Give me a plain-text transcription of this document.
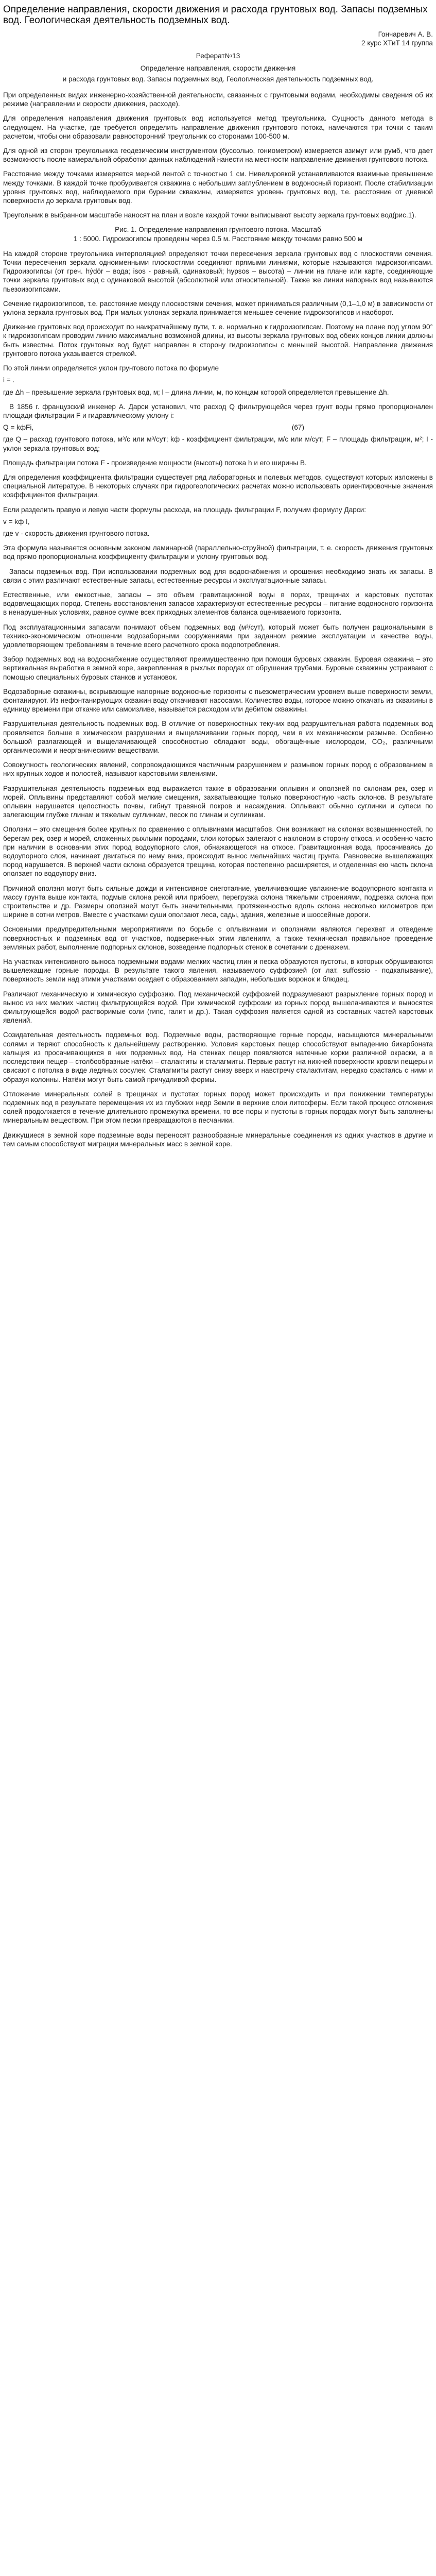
Определение направления, скорости движения и расхода грунтовых вод. Запасы подземных вод. Геологическая деятельность подземных вод.

Гончаревич А. В.

2 курс ХТиТ 14 группа

Реферат№13

Определение направления, скорости движения

и расхода грунтовых вод. Запасы подземных вод. Геологическая деятельность подземных вод.

При определенных видах инженерно-хозяйственной деятельности, связанных с грунтовыми водами, необходимы сведения об их режиме (направлении и скорости движения, расходе).

Для определения направления движения грунтовых вод используется метод треугольника. Сущность данного метода в следующем. На участке, где требуется определить направление движения грунтового потока, намечаются три точки с таким расчетом, чтобы они образовали равносторонний треугольник со сторонами 100-500 м.

Для одной из сторон треугольника геодезическим инструментом (буссолью, гониометром) измеряется азимут или румб, что дает возможность после камеральной обработки данных наблюдений нанести на местности направление движения грунтового потока.

Расстояние между точками измеряется мерной лентой с точностью 1 см. Нивелировкой устанавливаются взаимные превышение между точками. В каждой точке пробуривается скважина с небольшим заглублением в водоносный горизонт. После стабилизации уровня грунтовых вод, наблюдаемого при бурении скважины, измеряется уровень грунтовых вод, т.е. расстояние от дневной поверхности до зеркала грунтовых вод.

Треугольник в выбранном масштабе наносят на план и возле каждой точки выписывают высоту зеркала грунтовых вод(рис.1).

Рис. 1. Определение направления грунтового потока. Масштаб
1 : 5000. Гидроизогипсы проведены через 0.5 м. Расстояние между точками равно 500 м

На каждой стороне треугольника интерполяцией определяют точки пересечения зеркала грунтовых вод с плоскостями сечения. Точки пересечения зеркала одноименными плоскостями соединяют прямыми линиями, которые называются гидроизогипсами. Гидроизогипсы (от греч. hýdōr – вода; isos - равный, одинаковый; hypsos – высота) – линии на плане или карте, соединяющие точки зеркала грунтовых вод с одинаковой высотой (абсолютной или относительной). Также же линии напорных вод называются пьезоизогипсами.

Сечение гидроизогипсов, т.е. расстояние между плоскостями сечения, может приниматься различным (0,1–1,0 м) в зависимости от уклона зеркала грунтовых вод. При малых уклонах зеркала принимается меньшее сечение гидроизогипсов и наоборот.

Движение грунтовых вод происходит по наикратчайшему пути, т. е. нормально к гидроизогипсам. Поэтому на плане под углом 90° к гидроизогипсам проводим линию максимально возможной длины, из высоты зеркала грунтовых вод обеих концов линии должны быть известны. Поток грунтовых вод будет направлен в сторону гидроизогипсы с меньшей высотой. Направление движения грунтового потока указывается стрелкой.

По этой линии определяется уклон грунтового потока по формуле

i = .

где Δh – превышение зеркала грунтовых вод, м; l – длина линии, м, по концам которой определяется превышение Δh.

В 1856 г. французский инженер А. Дарси установил, что расход Q фильтрующейся через грунт воды прямо пропорционален площади фильтрации F и гидравлическому уклону i:

Q = kфFi,	(67)

где Q – расход грунтового потока, м³/с или м³/сут; kф - коэффициент фильтрации, м/с или м/сут; F – площадь фильтрации, м²; I - уклон зеркала грунтовых вод;

Площадь фильтрации потока F - произведение мощности (высоты) потока h и его ширины B.

Для определения коэффициента фильтрации существует ряд лабораторных и полевых методов, существуют которых изложены в специальной литературе. В некоторых случаях при гидрогеологических расчетах можно использовать ориентировочные значения коэффициентов фильтрации.

Если разделить правую и левую части формулы расхода, на площадь фильтрации F, получим формулу Дарси:

v = kф I,

где v - скорость движения грунтового потока.

Эта формула называется основным законом ламинарной (параллельно-струйной) фильтрации, т. е. скорость движения грунтовых вод прямо пропорциональна коэффициенту фильтрации и уклону грунтовых вод.

Запасы подземных вод. При использовании подземных вод для водоснабжения и орошения необходимо знать их запасы. В связи с этим различают естественные запасы, естественные ресурсы и эксплуатационные запасы.

Естественные, или емкостные, запасы – это объем гравитационной воды в порах, трещинах и карстовых пустотах водовмещающих пород. Степень восстановления запасов характеризуют естественные ресурсы – питание водоносного горизонта в ненарушенных условиях, равное сумме всех приходных элементов баланса оцениваемого горизонта.

Под эксплуатационными запасами понимают объем подземных вод (м³/сут), который может быть получен рациональными в технико-экономическом отношении водозаборными сооружениями при заданном режиме эксплуатации и качестве воды, удовлетворяющем требованиям в течение всего расчетного срока водопотребления.

Забор подземных вод на водоснабжение осуществляют преимущественно при помощи буровых скважин. Буровая скважина – это вертикальная выработка в земной коре, закрепленная в рыхлых породах от обрушения трубами. Буровые скважины устраивают с помощью специальных буровых станков и установок.

Водозаборные скважины, вскрывающие напорные водоносные горизонты с пьезометрическим уровнем выше поверхности земли, фонтанируют. Из нефонтанирующих скважин воду откачивают насосами. Количество воды, которое можно откачать из скважины в единицу времени при откачке или самоизливе, называется расходом или дебитом скважины.

Разрушительная деятельность подземных вод. В отличие от поверхностных текучих вод разрушительная работа подземных вод проявляется больше в химическом разрушении и выщелачивании горных пород, чем в их механическом размыве. Особенно большой разлагающей и выщелачивающей способностью обладают воды, обогащённые кислородом, CO₂, различными органическими и неорганическими веществами.

Совокупность геологических явлений, сопровождающихся частичным разрушением и размывом горных пород с образованием в них крупных ходов и полостей, называют карстовыми явлениями.

Разрушительная деятельность подземных вод выражается также в образовании оплывин и оползней по склонам рек, озер и морей. Оплывины представляют собой мелкие смещения, захватывающие только поверхностную часть склонов. В результате оплывин нарушается целостность почвы, гибнут травяной покров и насаждения. Оплывают обычно суглинки и супеси по залегающим глубже глинам и тяжелым суглинкам, песок по глинам и суглинкам.

Оползни – это смещения более крупных по сравнению с оплывинами масштабов. Они возникают на склонах возвышенностей, по берегам рек, озер и морей, сложенных рыхлыми породами, слои которых залегают с наклоном в сторону откоса, и особенно часто при наличии в основании этих пород водоупорного слоя, обнажающегося на откосе. Гравитационная вода, просачиваясь до водоупорного слоя, начинает двигаться по нему вниз, происходит вынос мельчайших частиц грунта. Равновесие вышележащих пород нарушается. В верхней части склона образуется трещина, которая постепенно расширяется, и отделенная ею часть склона оползает по водоупору вниз.

Причиной оползня могут быть сильные дожди и интенсивное снеготаяние, увеличивающие увлажнение водоупорного контакта и массу грунта выше контакта, подмыв склона рекой или прибоем, перегрузка склона тяжелыми строениями, подрезка склона при строительстве и др. Размеры оползней могут быть значительными, протяженностью вдоль склона несколько километров при ширине в сотни метров. Вместе с участками суши оползают леса, сады, здания, железные и шоссейные дороги.

Основными предупредительными мероприятиями по борьбе с оплывинами и оползнями являются перехват и отведение поверхностных и подземных вод от участков, подверженных этим явлениям, а также техническая правильное проведение земляных работ, выполнение подпорных склонов, возведение подпорных стенок в сочетании с дренажем.

На участках интенсивного выноса подземными водами мелких частиц глин и песка образуются пустоты, в которых обрушиваются вышележащие горные породы. В результате такого явления, называемого суффозией (от лат. suffossio - подкапывание), поверхность земли над этими участками оседает с образованием западин, небольших воронок и блюдец.

Различают механическую и химическую суффозию. Под механической суффозией подразумевают разрыхление горных пород и вынос из них мелких частиц фильтрующейся водой. При химической суффозии из горных пород вышелачиваются и выносятся фильтрующейся водой растворимые соли (гипс, галит и др.). Такая суффозия является одной из составных частей карстовых явлений.

Созидательная деятельность подземных вод. Подземные воды, растворяющие горные породы, насыщаются минеральными солями и теряют способность к дальнейшему растворению. Условия карстовых пещер способствуют выпадению бикарбоната кальция из просачивающихся в них подземных вод. На стенках пещер появляются натечные корки различной окраски, а в последствии пещер – столбообразные натёки – сталактиты и сталагмиты. Первые растут на нижней поверхности кровли пещеры и свисают с потолка в виде ледяных сосулек. Сталагмиты растут снизу вверх и навстречу сталактитам, нередко срастаясь с ними и образуя колонны. Натёки могут быть самой причудливой формы.

Отложение минеральных солей в трещинах и пустотах горных пород может происходить и при понижении температуры подземных вод в результате перемещения их из глубоких недр Земли в верхние слои литосферы. Если такой процесс отложения солей продолжается в течение длительного промежутка времени, то все поры и пустоты в горных породах могут быть заполнены минеральным веществом. При этом пески превращаются в песчаники.

Движущиеся в земной коре подземные воды переносят разнообразные минеральные соединения из одних участков в другие и тем самым способствуют миграции минеральных масс в земной коре.
